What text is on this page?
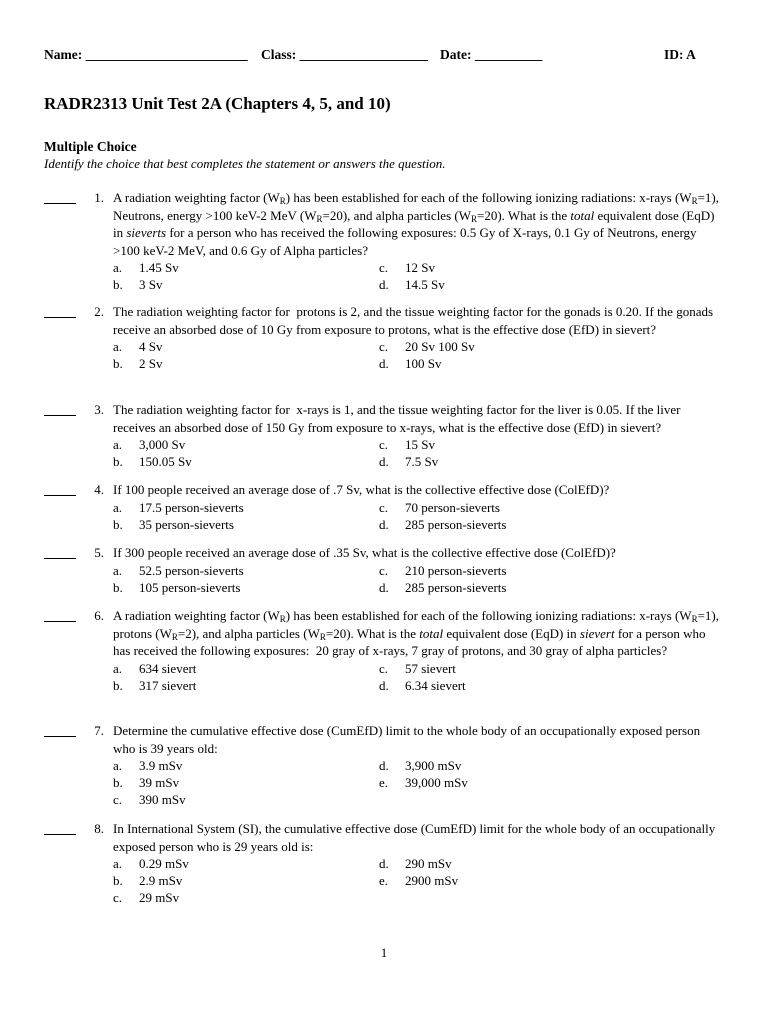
Name: ________________________ Class: ___________________ Date: __________	ID: A
RADR2313 Unit Test 2A (Chapters 4, 5, and 10)
Multiple Choice
Identify the choice that best completes the statement or answers the question.
1. A radiation weighting factor $(W_R)$ has been established for each of the following ionizing radiations: x-rays $(W_R=1)$, Neutrons, energy >100 keV-2 MeV $(W_R=20)$, and alpha particles $(W_R=20)$. What is the total equivalent dose (EqD) in sieverts for a person who has received the following exposures: 0.5 Gy of X-rays, 0.1 Gy of Neutrons, energy >100 keV-2 MeV, and 0.6 Gy of Alpha particles?
a. 1.45 Sv	c. 12 Sv
b. 3 Sv	d. 14.5 Sv
2. The radiation weighting factor for  protons is 2, and the tissue weighting factor for the gonads is 0.20. If the gonads receive an absorbed dose of 10 Gy from exposure to protons, what is the effective dose (EfD) in sievert?
a. 4 Sv	c. 20 Sv 100 Sv
b. 2 Sv	d. 100 Sv
3. The radiation weighting factor for  x-rays is 1, and the tissue weighting factor for the liver is 0.05. If the liver receives an absorbed dose of 150 Gy from exposure to x-rays, what is the effective dose (EfD) in sievert?
a. 3,000 Sv	c. 15 Sv
b. 150.05 Sv	d. 7.5 Sv
4. If 100 people received an average dose of .7 Sv, what is the collective effective dose (ColEfD)?
a. 17.5 person-sieverts	c. 70 person-sieverts
b. 35 person-sieverts	d. 285 person-sieverts
5. If 300 people received an average dose of .35 Sv, what is the collective effective dose (ColEfD)?
a. 52.5 person-sieverts	c. 210 person-sieverts
b. 105 person-sieverts	d. 285 person-sieverts
6. A radiation weighting factor $(W_R)$ has been established for each of the following ionizing radiations: x-rays $(W_R=1)$, protons $(W_R=2)$, and alpha particles $(W_R=20)$. What is the total equivalent dose (EqD) in sievert for a person who has received the following exposures:  20 gray of x-rays, 7 gray of protons, and 30 gray of alpha particles?
a. 634 sievert	c. 57 sievert
b. 317 sievert	d. 6.34 sievert
7. Determine the cumulative effective dose (CumEfD) limit to the whole body of an occupationally exposed person who is 39 years old:
a. 3.9 mSv	d. 3,900 mSv
b. 39 mSv	e. 39,000 mSv
c. 390 mSv
8. In International System (SI), the cumulative effective dose (CumEfD) limit for the whole body of an occupationally exposed person who is 29 years old is:
a. 0.29 mSv	d. 290 mSv
b. 2.9 mSv	e. 2900 mSv
c. 29 mSv
1
